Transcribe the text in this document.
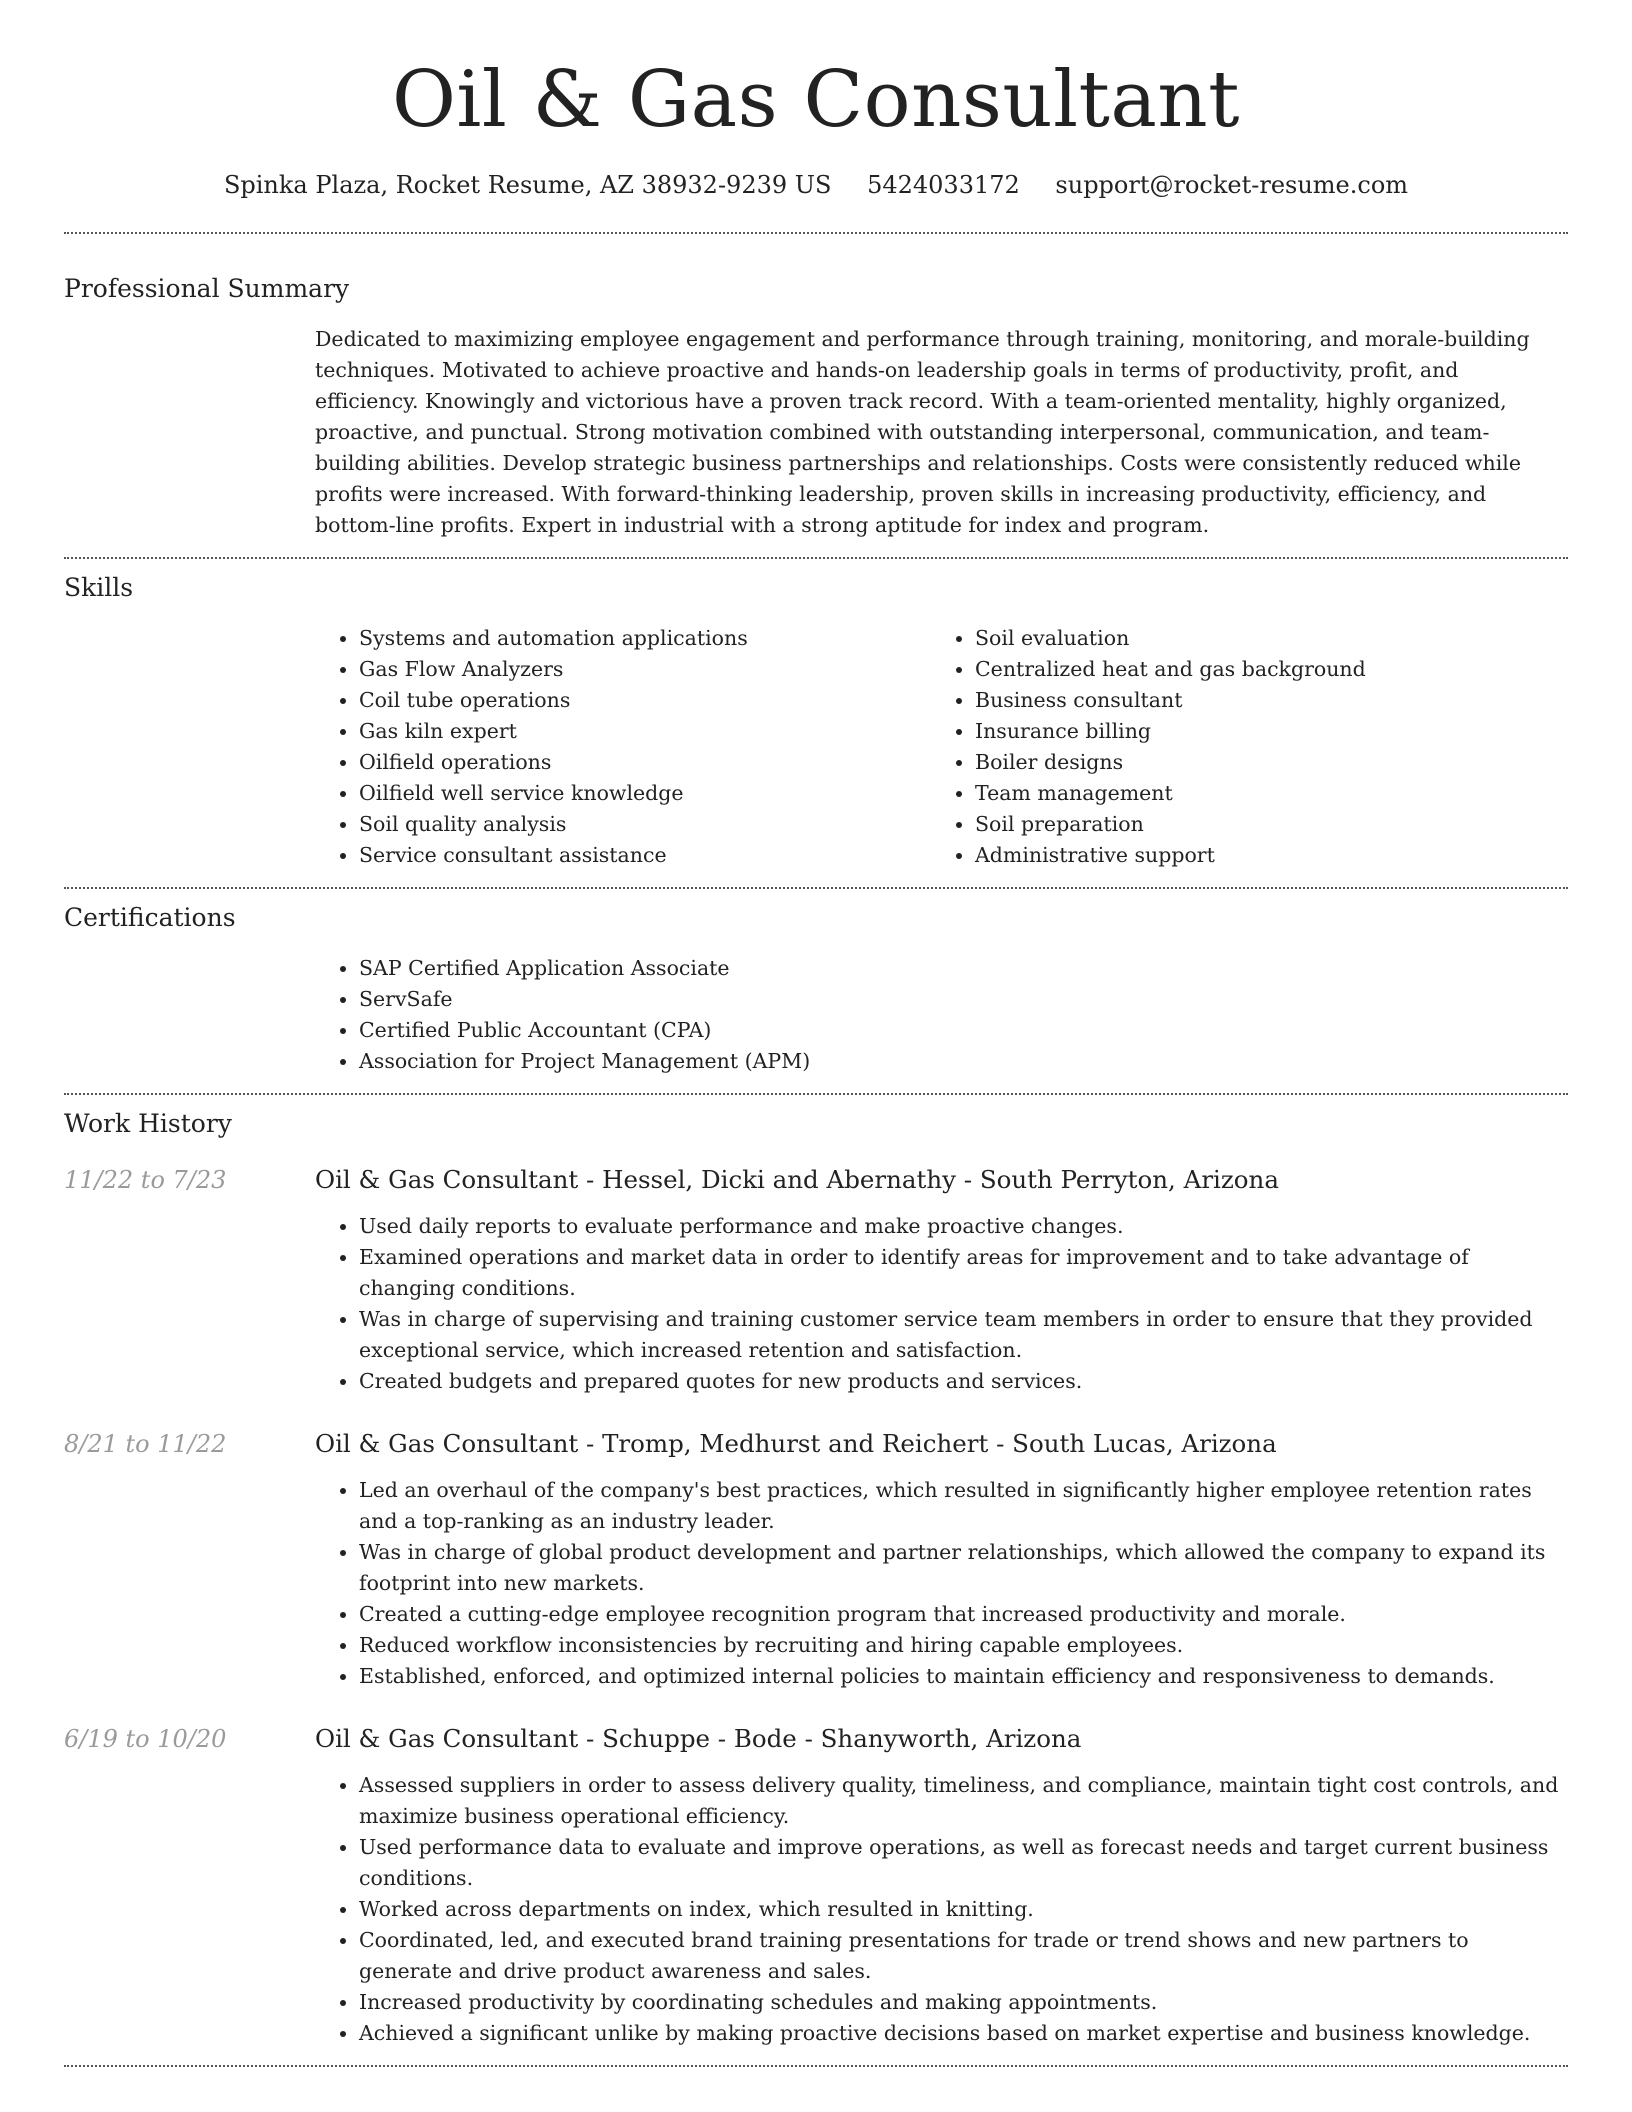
Oil & Gas Consultant
Spinka Plaza, Rocket Resume, AZ 38932-9239 US 5424033172 support@rocket-resume.com
Professional Summary

Dedicated to maximizing employee engagement and performance through training, monitoring, and morale-building techniques. Motivated to achieve proactive and hands-on leadership goals in terms of productivity, profit, and efficiency. Knowingly and victorious have a proven track record. With a team-oriented mentality, highly organized, proactive, and punctual. Strong motivation combined with outstanding interpersonal, communication, and team-building abilities. Develop strategic business partnerships and relationships. Costs were consistently reduced while profits were increased. With forward-thinking leadership, proven skills in increasing productivity, efficiency, and bottom-line profits. Expert in industrial with a strong aptitude for index and program.

Skills
• Systems and automation applications
• Gas Flow Analyzers
• Coil tube operations
• Gas kiln expert
• Oilfield operations
• Oilfield well service knowledge
• Soil quality analysis
• Service consultant assistance
• Soil evaluation
• Centralized heat and gas background
• Business consultant
• Insurance billing
• Boiler designs
• Team management
• Soil preparation
• Administrative support
Certifications
• SAP Certified Application Associate
• ServSafe
• Certified Public Accountant (CPA)
• Association for Project Management (APM)
Work History
11/22 to 7/23	Oil & Gas Consultant - Hessel, Dicki and Abernathy - South Perryton, Arizona
• Used daily reports to evaluate performance and make proactive changes.
• Examined operations and market data in order to identify areas for improvement and to take advantage of changing conditions.
• Was in charge of supervising and training customer service team members in order to ensure that they provided exceptional service, which increased retention and satisfaction.
• Created budgets and prepared quotes for new products and services.
8/21 to 11/22	Oil & Gas Consultant - Tromp, Medhurst and Reichert - South Lucas, Arizona
• Led an overhaul of the company's best practices, which resulted in significantly higher employee retention rates and a top-ranking as an industry leader.
• Was in charge of global product development and partner relationships, which allowed the company to expand its footprint into new markets.
• Created a cutting-edge employee recognition program that increased productivity and morale.
• Reduced workflow inconsistencies by recruiting and hiring capable employees.
• Established, enforced, and optimized internal policies to maintain efficiency and responsiveness to demands.
6/19 to 10/20	Oil & Gas Consultant - Schuppe - Bode - Shanyworth, Arizona
• Assessed suppliers in order to assess delivery quality, timeliness, and compliance, maintain tight cost controls, and maximize business operational efficiency.
• Used performance data to evaluate and improve operations, as well as forecast needs and target current business conditions.
• Worked across departments on index, which resulted in knitting.
• Coordinated, led, and executed brand training presentations for trade or trend shows and new partners to generate and drive product awareness and sales.
• Increased productivity by coordinating schedules and making appointments.
• Achieved a significant unlike by making proactive decisions based on market expertise and business knowledge.
